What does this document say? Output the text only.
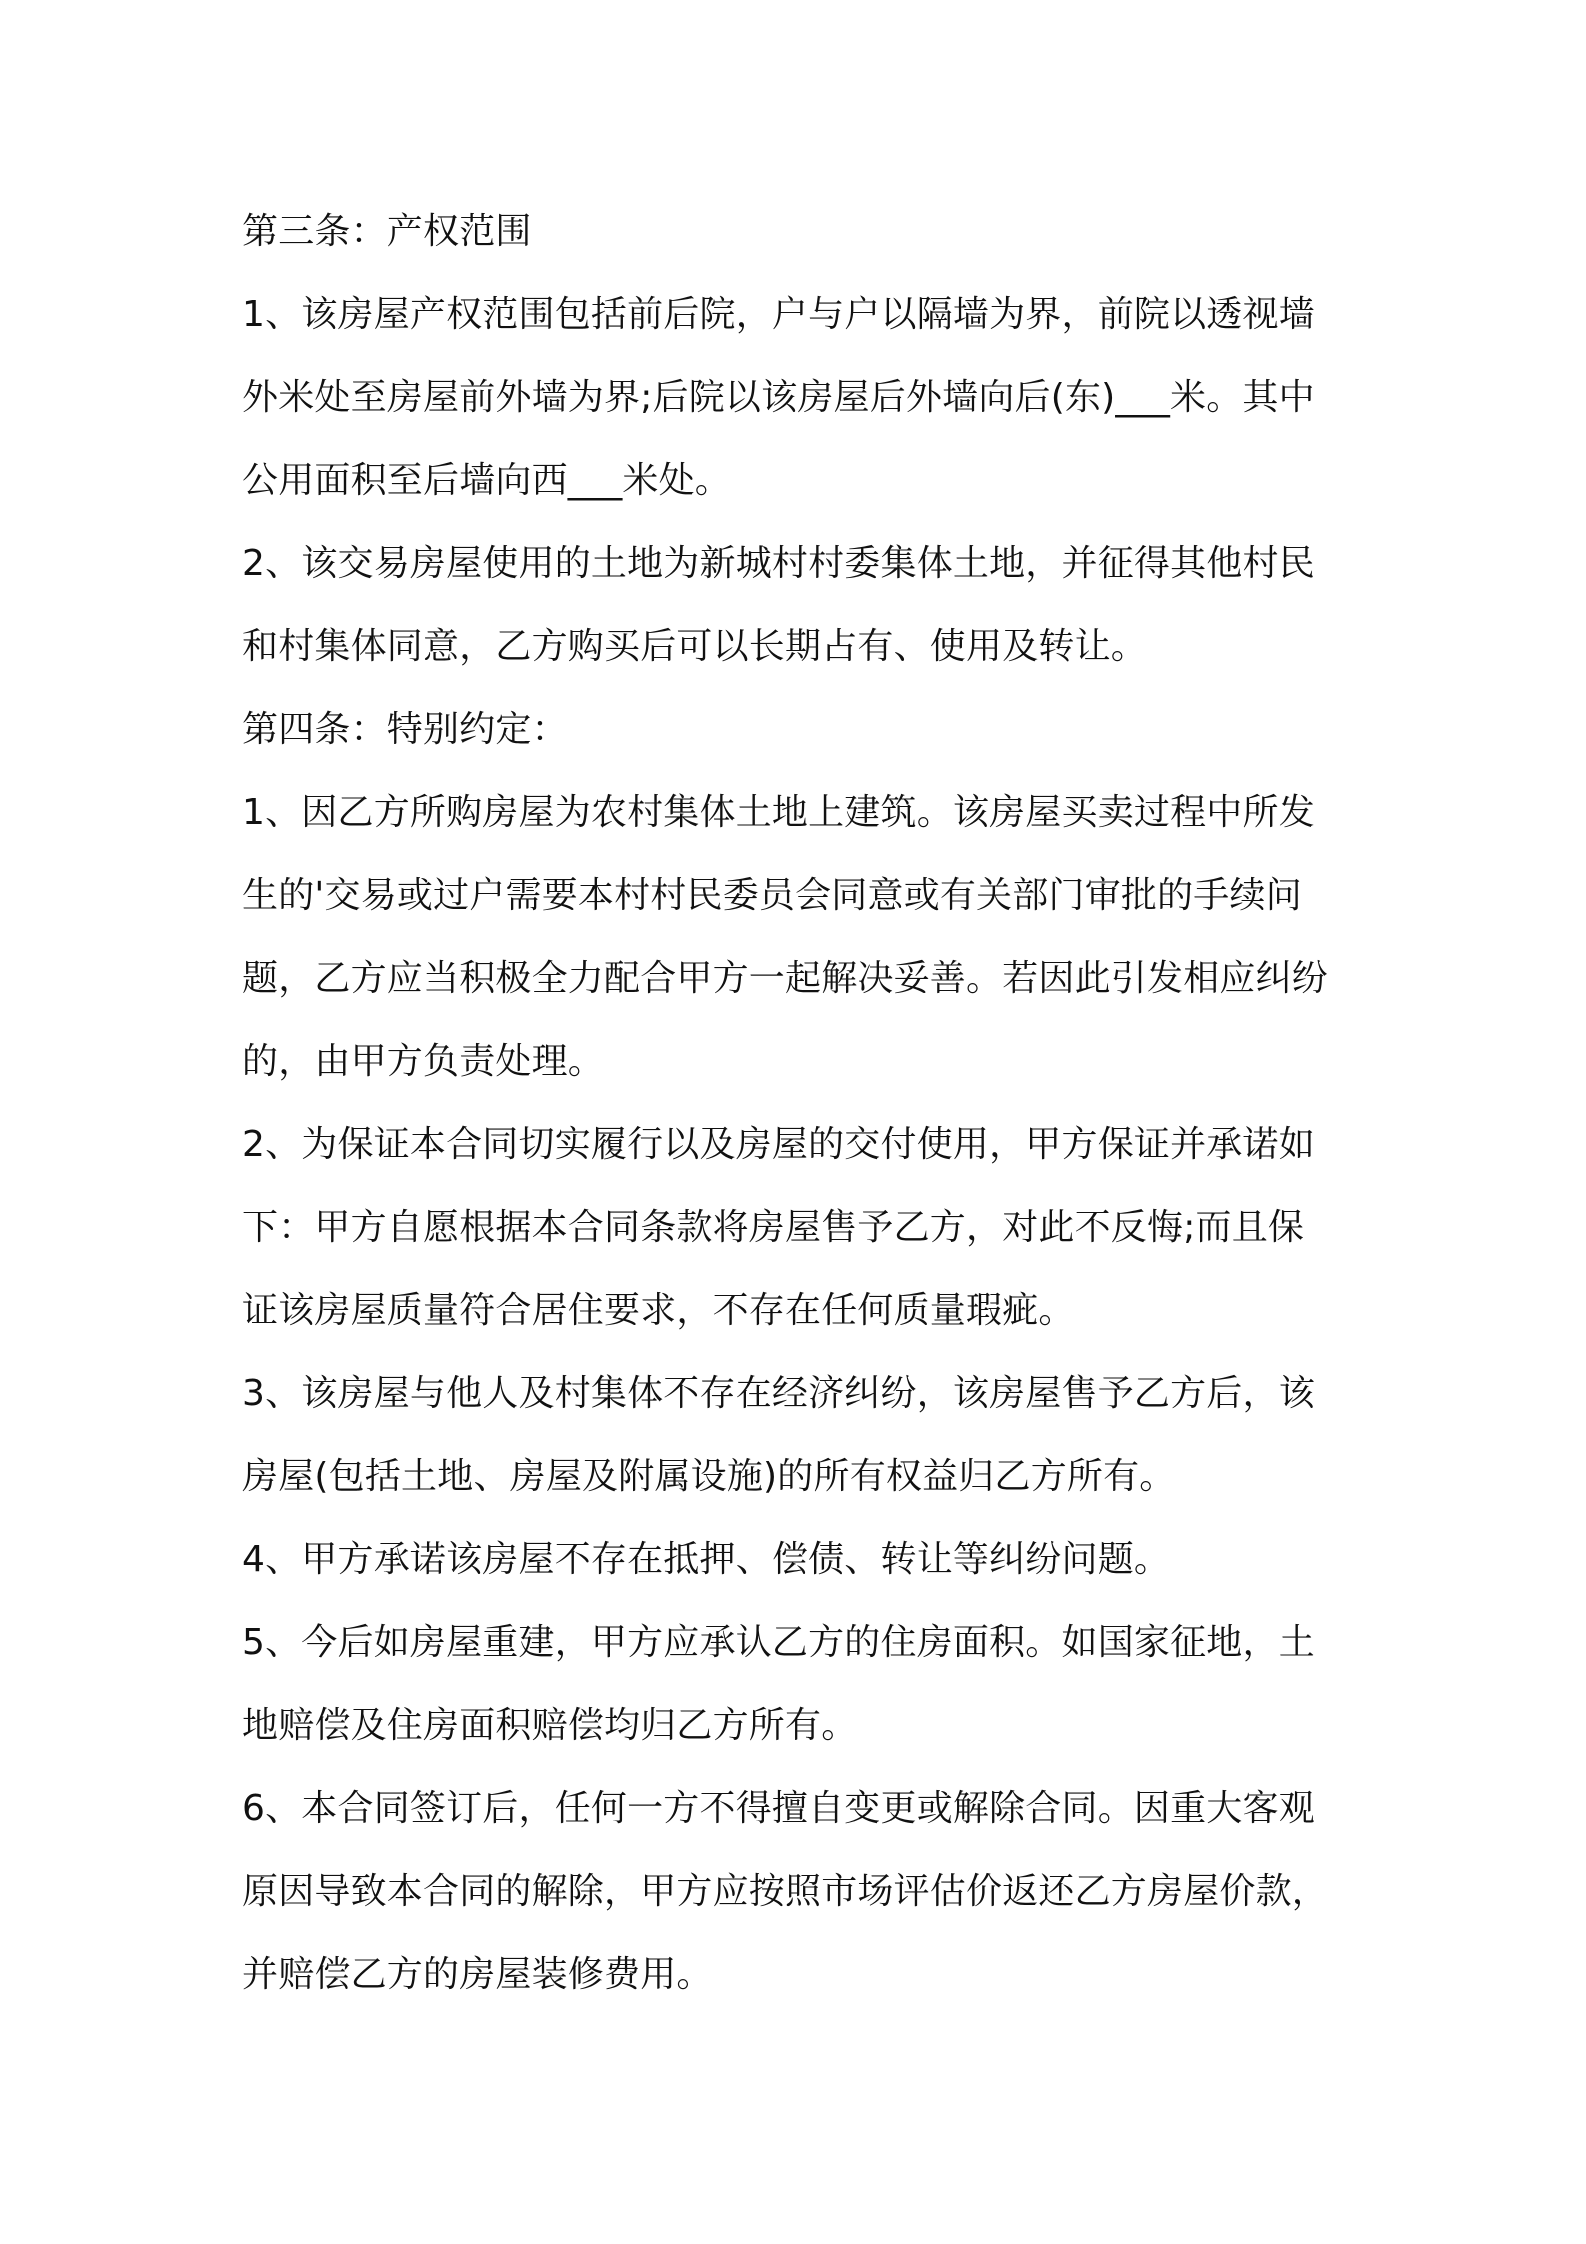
第三条：产权范围
1、该房屋产权范围包括前后院，户与户以隔墙为界，前院以透视墙
外米处至房屋前外墙为界;后院以该房屋后外墙向后(东)___米。其中
公用面积至后墙向西___米处。
2、该交易房屋使用的土地为新城村村委集体土地，并征得其他村民
和村集体同意，乙方购买后可以长期占有、使用及转让。
第四条：特别约定：
1、因乙方所购房屋为农村集体土地上建筑。该房屋买卖过程中所发
生的'交易或过户需要本村村民委员会同意或有关部门审批的手续问
题，乙方应当积极全力配合甲方一起解决妥善。若因此引发相应纠纷
的，由甲方负责处理。
2、为保证本合同切实履行以及房屋的交付使用，甲方保证并承诺如
下：甲方自愿根据本合同条款将房屋售予乙方，对此不反悔;而且保
证该房屋质量符合居住要求，不存在任何质量瑕疵。
3、该房屋与他人及村集体不存在经济纠纷，该房屋售予乙方后，该
房屋(包括土地、房屋及附属设施)的所有权益归乙方所有。
4、甲方承诺该房屋不存在抵押、偿债、转让等纠纷问题。
5、今后如房屋重建，甲方应承认乙方的住房面积。如国家征地，土
地赔偿及住房面积赔偿均归乙方所有。
6、本合同签订后，任何一方不得擅自变更或解除合同。因重大客观
原因导致本合同的解除，甲方应按照市场评估价返还乙方房屋价款，
并赔偿乙方的房屋装修费用。
